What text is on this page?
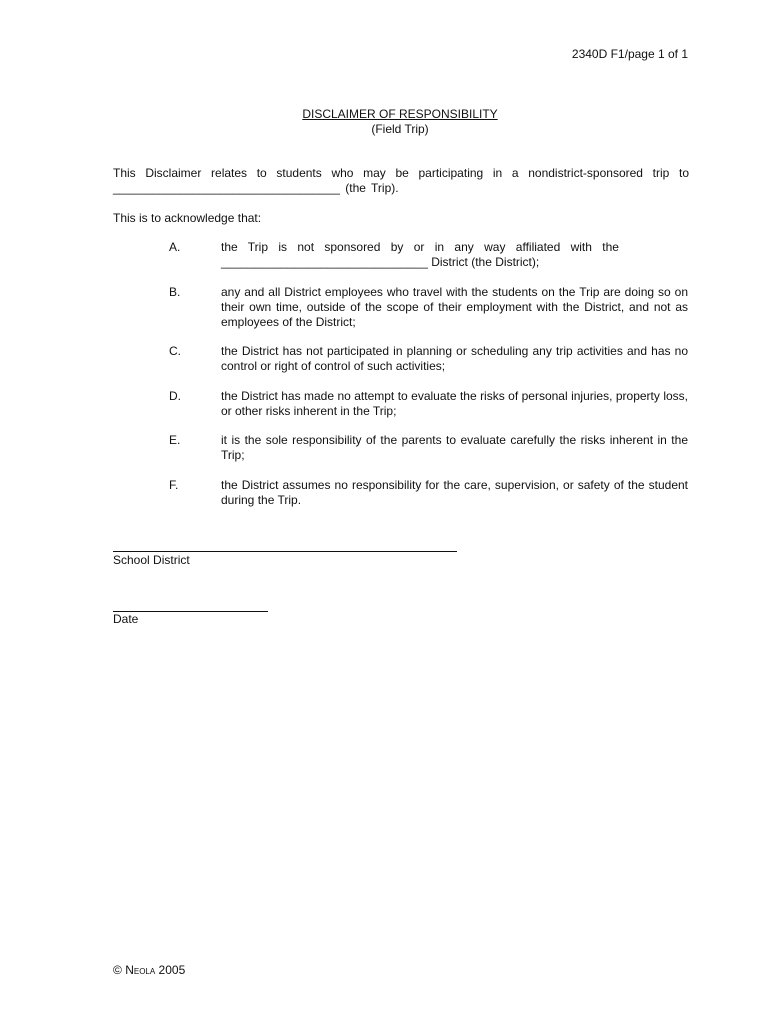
2340D F1/page 1 of 1
DISCLAIMER OF RESPONSIBILITY
(Field Trip)
This Disclaimer relates to students who may be participating in a nondistrict-sponsored trip to __________________________________ (the Trip).
This is to acknowledge that:
A.	the Trip is not sponsored by or in any way affiliated with the
_______________________________ District (the District);
B.	any and all District employees who travel with the students on the Trip are doing so on their own time, outside of the scope of their employment with the District, and not as employees of the District;
C.	the District has not participated in planning or scheduling any trip activities and has no control or right of control of such activities;
D.	the District has made no attempt to evaluate the risks of personal injuries, property loss, or other risks inherent in the Trip;
E.	it is the sole responsibility of the parents to evaluate carefully the risks inherent in the Trip;
F.	the District assumes no responsibility for the care, supervision, or safety of the student during the Trip.
School District
Date
© Neola 2005
